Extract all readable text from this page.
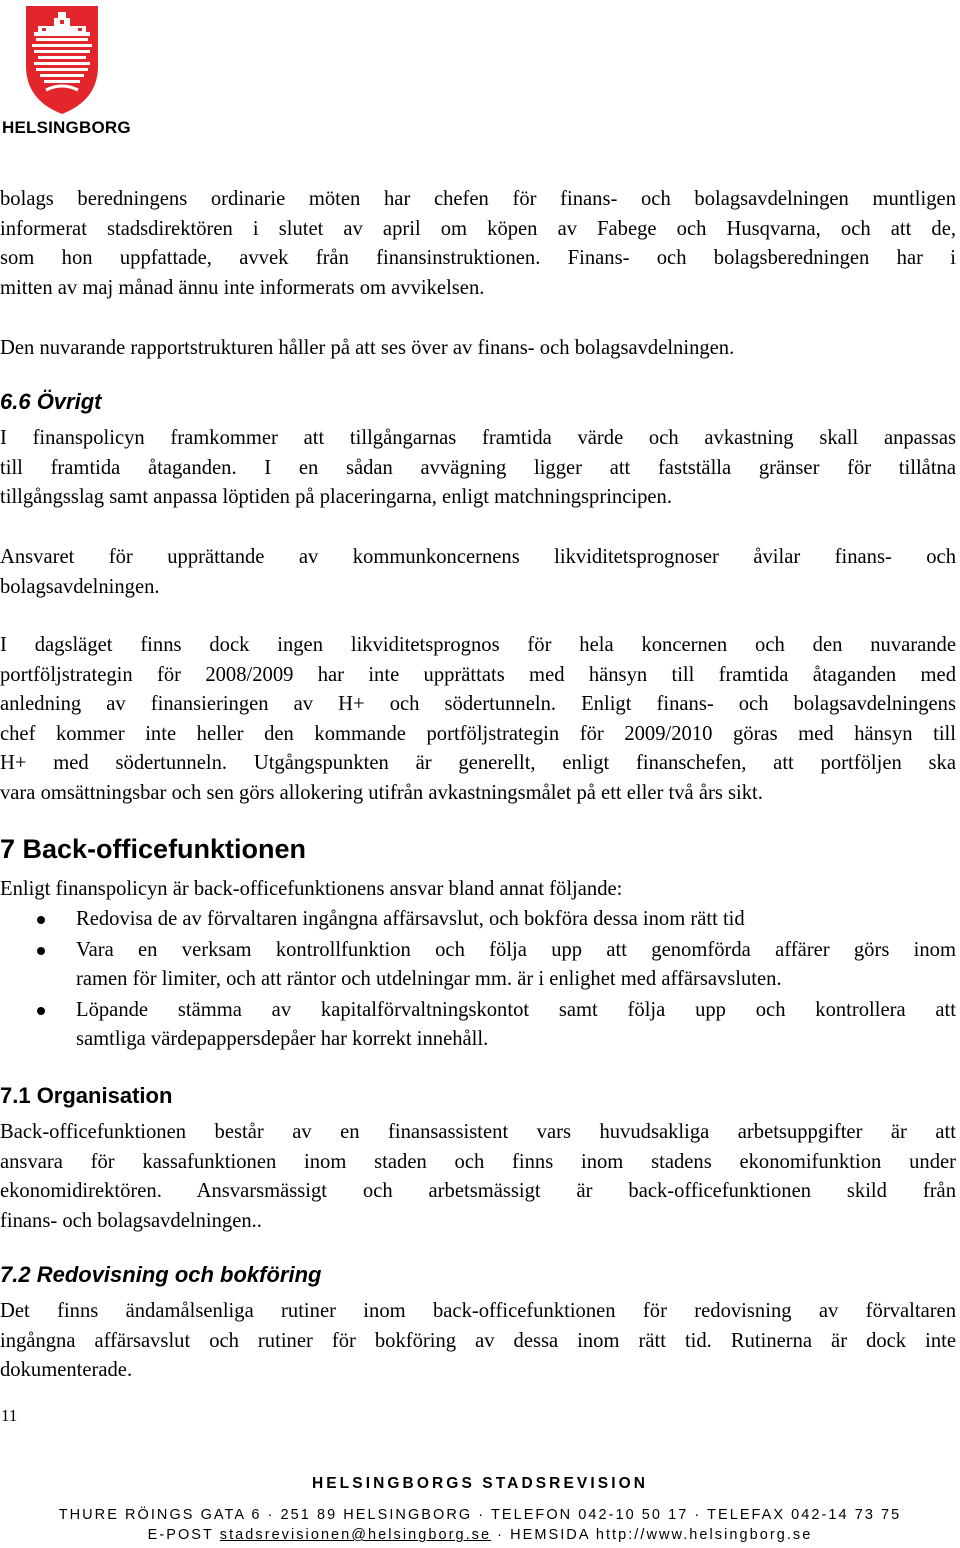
HELSINGBORG
bolags beredningens ordinarie möten har chefen för finans- och bolagsavdelningen muntligen
informerat stadsdirektören i slutet av april om köpen av Fabege och Husqvarna, och att de,
som hon uppfattade, avvek från finansinstruktionen. Finans- och bolagsberedningen har i
mitten av maj månad ännu inte informerats om avvikelsen.
Den nuvarande rapportstrukturen håller på att ses över av finans- och bolagsavdelningen.
6.6 Övrigt
I finanspolicyn framkommer att tillgångarnas framtida värde och avkastning skall anpassas
till framtida åtaganden. I en sådan avvägning ligger att fastställa gränser för tillåtna
tillgångsslag samt anpassa löptiden på placeringarna, enligt matchningsprincipen.
Ansvaret för upprättande av kommunkoncernens likviditetsprognoser åvilar finans- och
bolagsavdelningen.
I dagsläget finns dock ingen likviditetsprognos för hela koncernen och den nuvarande
portföljstrategin för 2008/2009 har inte upprättats med hänsyn till framtida åtaganden med
anledning av finansieringen av H+ och södertunneln. Enligt finans- och bolagsavdelningens
chef kommer inte heller den kommande portföljstrategin för 2009/2010 göras med hänsyn till
H+ med södertunneln. Utgångspunkten är generellt, enligt finanschefen, att portföljen ska
vara omsättningsbar och sen görs allokering utifrån avkastningsmålet på ett eller två års sikt.
7 Back-officefunktionen
Enligt finanspolicyn är back-officefunktionens ansvar bland annat följande:
Redovisa de av förvaltaren ingångna affärsavslut, och bokföra dessa inom rätt tid
Vara en verksam kontrollfunktion och följa upp att genomförda affärer görs inom
ramen för limiter, och att räntor och utdelningar mm. är i enlighet med affärsavsluten.
Löpande stämma av kapitalförvaltningskontot samt följa upp och kontrollera att
samtliga värdepappersdepåer har korrekt innehåll.
7.1 Organisation
Back-officefunktionen består av en finansassistent vars huvudsakliga arbetsuppgifter är att
ansvara för kassafunktionen inom staden och finns inom stadens ekonomifunktion under
ekonomidirektören. Ansvarsmässigt och arbetsmässigt är back-officefunktionen skild från
finans- och bolagsavdelningen..
7.2 Redovisning och bokföring
Det finns ändamålsenliga rutiner inom back-officefunktionen för redovisning av förvaltaren
ingångna affärsavslut och rutiner för bokföring av dessa inom rätt tid. Rutinerna är dock inte
dokumenterade.
11
HELSINGBORGS STADSREVISION
THURE RÖINGS GATA 6 · 251 89 HELSINGBORG · TELEFON 042-10 50 17 · TELEFAX 042-14 73 75
E-POST stadsrevisionen@helsingborg.se · HEMSIDA http://www.helsingborg.se
